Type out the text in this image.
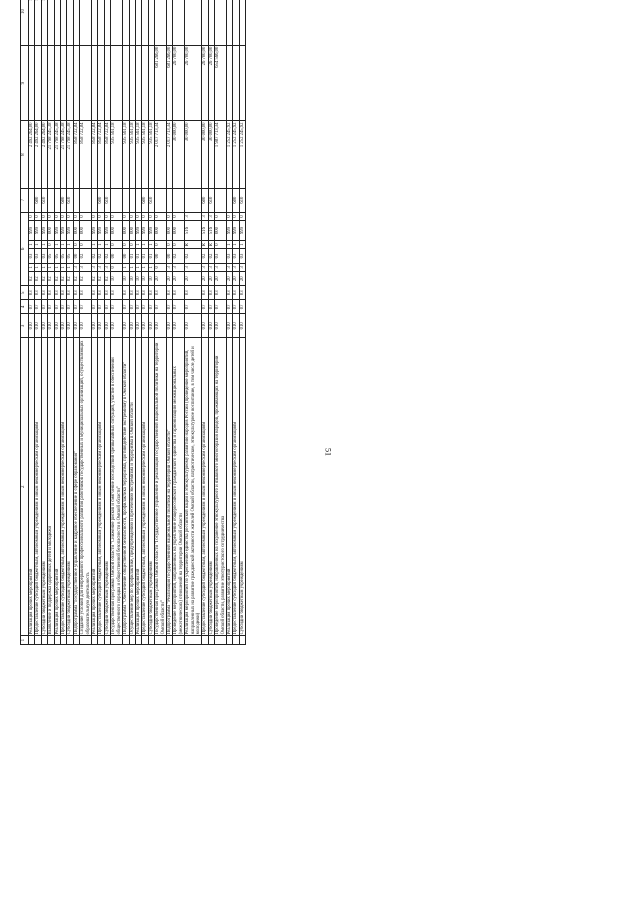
51
1	2	3	4	5	6						7	8	9	10			
	Реализация прочих мероприятий	010	07	03	02	1	03	1	999	0		2 492 264,00					
	Предоставление субсидий бюджетным, автономным учреждениям и иным некоммерческим организациям	010	07	03	02	1	03	1	999	0	600	2 492 264,00					
	Субсидии бюджетным учреждениям	010	07	03	02	1	03	1	999	0	610	2 492 264,00					
	Выявление и поддержка одаренных детей и молодежи	010	07	03	02	1	05	0	000	0		21 798 245,38					
	Реализация прочих мероприятий	010	07	03	02	1	05	1	999	0		21 798 245,38					
	Предоставление субсидий бюджетным, автономным учреждениям и иным некоммерческим организациям	010	07	03	02	1	05	1	999	0	600	21 798 245,38					
	Субсидии бюджетным учреждениям	010	07	03	02	1	05	1	999	0	610	21 798 245,38					
	Подпрограмма "Государственное управление и кадровое обеспечение в сфере образования"	010	07	03	02	3	00	0	000	0		858 722,84					
	Создание условий для непрерывного профессионального развития работников государственных и муниципальных организаций, осуществляющих образовательную деятельность	010	07	03	02	3	02	0	000	0		858 722,84					
	Реализация прочих мероприятий	010	07	03	02	3	02	1	999	0		858 722,84					
	Предоставление субсидий бюджетным, автономным учреждениям и иным некоммерческим организациям	010	07	03	02	3	02	1	999	0	600	858 722,84					
	Субсидии бюджетным учреждениям	010	07	03	02	3	02	1	999	0	610	858 722,84					
	Государственная программа Омской области "Снижение рисков и смягчение последствий чрезвычайных ситуаций, участие в обеспечении общественного порядка и общественной безопасности в Омской области"	010	07	03	10	0	00	0	000	0		935 561,18					
	Подпрограмма "Обеспечение общественной безопасности, профилактика терроризма, противодействие экстремизму в Омской области"	010	07	03	10	1	00	0	000	0		935 561,18					
	Осуществление мер по профилактике, предупреждению и пресечению экстремизма и терроризма в Омской области	010	07	03	10	1	01	0	000	0		935 561,18					
	Реализация прочих мероприятий	010	07	03	10	1	01	1	999	0		935 561,18					
	Предоставление субсидий бюджетным, автономным учреждениям и иным некоммерческим организациям	010	07	03	10	1	01	1	999	0	600	935 561,18					
	Субсидии бюджетным учреждениям	010	07	03	10	1	01	1	999	0	610	935 561,18					
	Государственная программа Омской области "Государственное управление и реализация государственной национальной политики на территории Омской области"	010	07	03	20	0	00	0	000	0		2 017 713,34	681 266,00				
	Подпрограмма "Реализация государственной национальной политики на территории Омской области"	010	07	03	20	3	00	0	000	0		2 017 713,34	681 266,00				
	Проведение мероприятий, направленных на укрепление общероссийского гражданского единства и гармонизацию межнациональных (межэтнических) отношений на территории Омской области	010	07	03	20	3	02	0	000	0		30 000,00	26 700,00				
	Реализация мероприятий по укреплению единства российской нации и этнокультурному развитию народов России (проведение мероприятий, направленных на развитие гражданской активности жителей Омской области, патриотическое, этнокультурное воспитание, в том числе детей и молодежи)	010	07	03	20	3	02	R	516	3		30 000,00	26 700,00				
	Предоставление субсидий бюджетным, автономным учреждениям и иным некоммерческим организациям	010	07	03	20	3	02	R	516	3	600	30 000,00	26 700,00				
	Субсидии бюджетным учреждениям	010	07	03	20	3	02	R	516	3	610	30 000,00	26 700,00				
	Проведение мероприятий, направленных на сохранение этнокультурного и языкового многообразия народов, проживающих на территории Омской области, развитие этнотуристского сотрудничества	010	07	03	20	3	03	0	000	0		1 987 713,34	654 566,00				
	Реализация прочих мероприятий	010	07	03	20	3	03	1	999	0		1 252 245,92					
	Предоставление субсидий бюджетным, автономным учреждениям и иным некоммерческим организациям	010	07	03	20	3	03	1	999	0	600	1 252 245,92					
	Субсидии бюджетным учреждениям	010	07	03	20	3	03	1	999	0	610	1 252 245,92					
